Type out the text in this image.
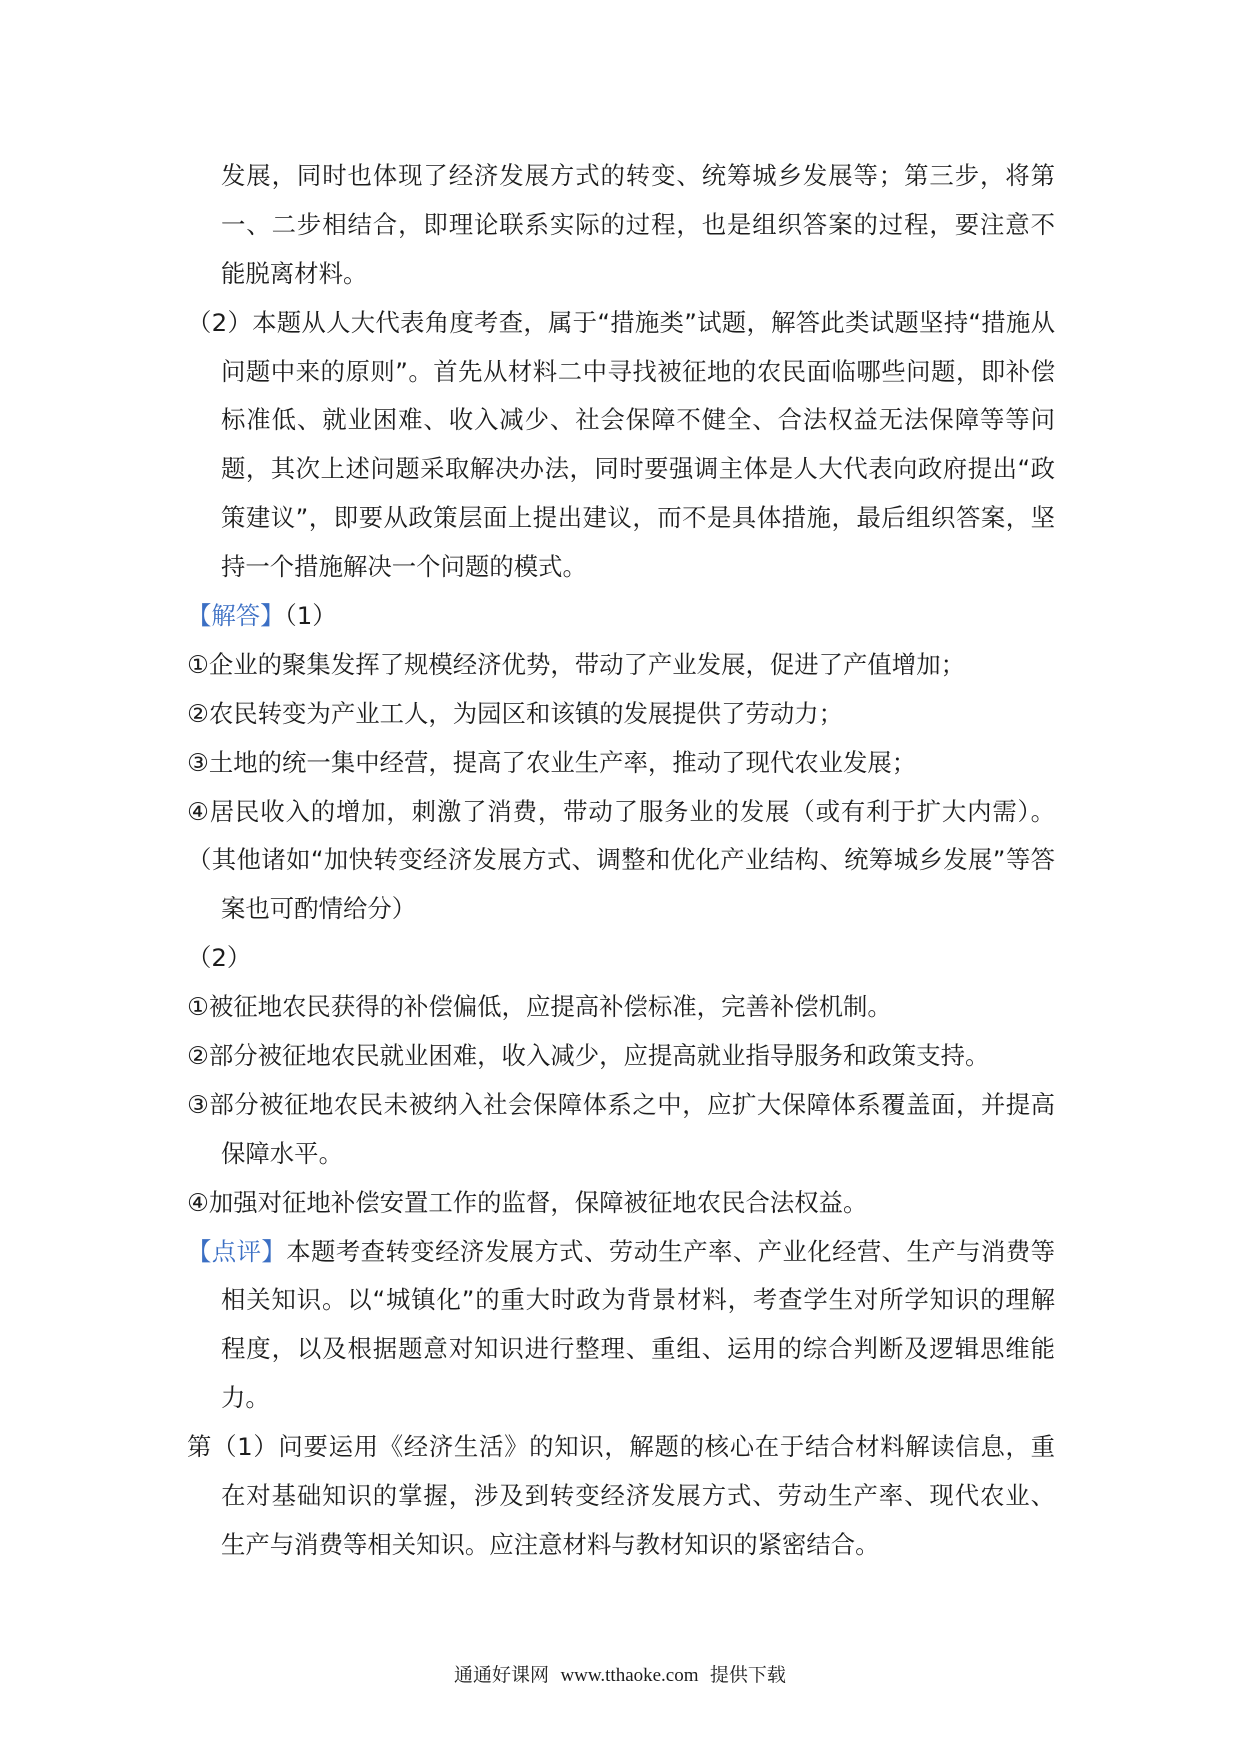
发展，同时也体现了经济发展方式的转变、统筹城乡发展等；第三步，将第
一、二步相结合，即理论联系实际的过程，也是组织答案的过程，要注意不
能脱离材料。
（2）本题从人大代表角度考查，属于“措施类”试题，解答此类试题坚持“措施从
问题中来的原则”。首先从材料二中寻找被征地的农民面临哪些问题，即补偿
标准低、就业困难、收入减少、社会保障不健全、合法权益无法保障等等问
题，其次上述问题采取解决办法，同时要强调主体是人大代表向政府提出“政
策建议”，即要从政策层面上提出建议，而不是具体措施，最后组织答案，坚
持一个措施解决一个问题的模式。
【解答】（1）
①企业的聚集发挥了规模经济优势，带动了产业发展，促进了产值增加；
②农民转变为产业工人，为园区和该镇的发展提供了劳动力；
③土地的统一集中经营，提高了农业生产率，推动了现代农业发展；
④居民收入的增加，刺激了消费，带动了服务业的发展（或有利于扩大内需）。
（其他诸如“加快转变经济发展方式、调整和优化产业结构、统筹城乡发展”等答
案也可酌情给分）
（2）
①被征地农民获得的补偿偏低，应提高补偿标准，完善补偿机制。
②部分被征地农民就业困难，收入减少，应提高就业指导服务和政策支持。
③部分被征地农民未被纳入社会保障体系之中，应扩大保障体系覆盖面，并提高
保障水平。
④加强对征地补偿安置工作的监督，保障被征地农民合法权益。
【点评】本题考查转变经济发展方式、劳动生产率、产业化经营、生产与消费等
相关知识。以“城镇化”的重大时政为背景材料，考查学生对所学知识的理解
程度，以及根据题意对知识进行整理、重组、运用的综合判断及逻辑思维能
力。
第（1）问要运用《经济生活》的知识，解题的核心在于结合材料解读信息，重
在对基础知识的掌握，涉及到转变经济发展方式、劳动生产率、现代农业、
生产与消费等相关知识。应注意材料与教材知识的紧密结合。
通通好课网 www.tthaoke.com 提供下载
